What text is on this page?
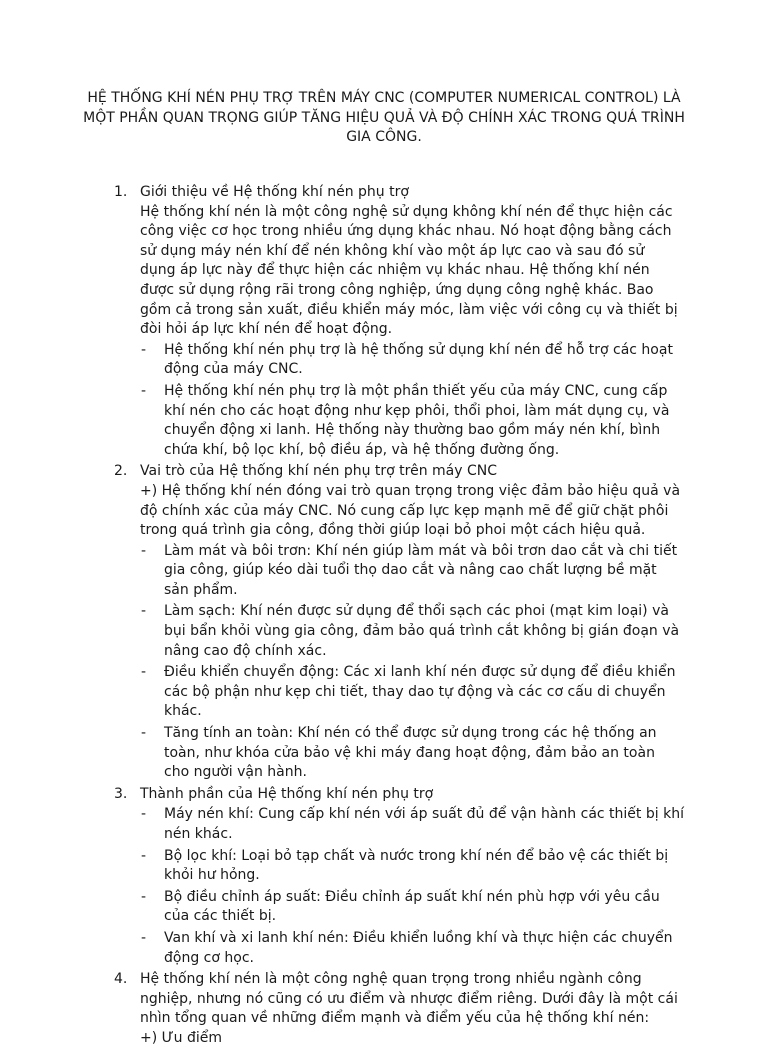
HỆ THỐNG KHÍ NÉN PHỤ TRỢ TRÊN MÁY CNC (COMPUTER NUMERICAL CONTROL) LÀ MỘT PHẦN QUAN TRỌNG GIÚP TĂNG HIỆU QUẢ VÀ ĐỘ CHÍNH XÁC TRONG QUÁ TRÌNH GIA CÔNG.
1. Giới thiệu về Hệ thống khí nén phụ trợ
Hệ thống khí nén là một công nghệ sử dụng không khí nén để thực hiện các công việc cơ học trong nhiều ứng dụng khác nhau. Nó hoạt động bằng cách sử dụng máy nén khí để nén không khí vào một áp lực cao và sau đó sử dụng áp lực này để thực hiện các nhiệm vụ khác nhau. Hệ thống khí nén được sử dụng rộng rãi trong công nghiệp, ứng dụng công nghệ khác. Bao gồm cả trong sản xuất, điều khiển máy móc, làm việc với công cụ và thiết bị đòi hỏi áp lực khí nén để hoạt động.
- Hệ thống khí nén phụ trợ là hệ thống sử dụng khí nén để hỗ trợ các hoạt động của máy CNC.
- Hệ thống khí nén phụ trợ là một phần thiết yếu của máy CNC, cung cấp khí nén cho các hoạt động như kẹp phôi, thổi phoi, làm mát dụng cụ, và chuyển động xi lanh. Hệ thống này thường bao gồm máy nén khí, bình chứa khí, bộ lọc khí, bộ điều áp, và hệ thống đường ống.
2. Vai trò của Hệ thống khí nén phụ trợ trên máy CNC
+) Hệ thống khí nén đóng vai trò quan trọng trong việc đảm bảo hiệu quả và độ chính xác của máy CNC. Nó cung cấp lực kẹp mạnh mẽ để giữ chặt phôi trong quá trình gia công, đồng thời giúp loại bỏ phoi một cách hiệu quả.
- Làm mát và bôi trơn: Khí nén giúp làm mát và bôi trơn dao cắt và chi tiết gia công, giúp kéo dài tuổi thọ dao cắt và nâng cao chất lượng bề mặt sản phẩm.
- Làm sạch: Khí nén được sử dụng để thổi sạch các phoi (mạt kim loại) và bụi bẩn khỏi vùng gia công, đảm bảo quá trình cắt không bị gián đoạn và nâng cao độ chính xác.
- Điều khiển chuyển động: Các xi lanh khí nén được sử dụng để điều khiển các bộ phận như kẹp chi tiết, thay dao tự động và các cơ cấu di chuyển khác.
- Tăng tính an toàn: Khí nén có thể được sử dụng trong các hệ thống an toàn, như khóa cửa bảo vệ khi máy đang hoạt động, đảm bảo an toàn cho người vận hành.
3. Thành phần của Hệ thống khí nén phụ trợ
- Máy nén khí: Cung cấp khí nén với áp suất đủ để vận hành các thiết bị khí nén khác.
- Bộ lọc khí: Loại bỏ tạp chất và nước trong khí nén để bảo vệ các thiết bị khỏi hư hỏng.
- Bộ điều chỉnh áp suất: Điều chỉnh áp suất khí nén phù hợp với yêu cầu của các thiết bị.
- Van khí và xi lanh khí nén: Điều khiển luồng khí và thực hiện các chuyển động cơ học.
4. Hệ thống khí nén là một công nghệ quan trọng trong nhiều ngành công nghiệp, nhưng nó cũng có ưu điểm và nhược điểm riêng. Dưới đây là một cái nhìn tổng quan về những điểm mạnh và điểm yếu của hệ thống khí nén:
+) Ưu điểm
